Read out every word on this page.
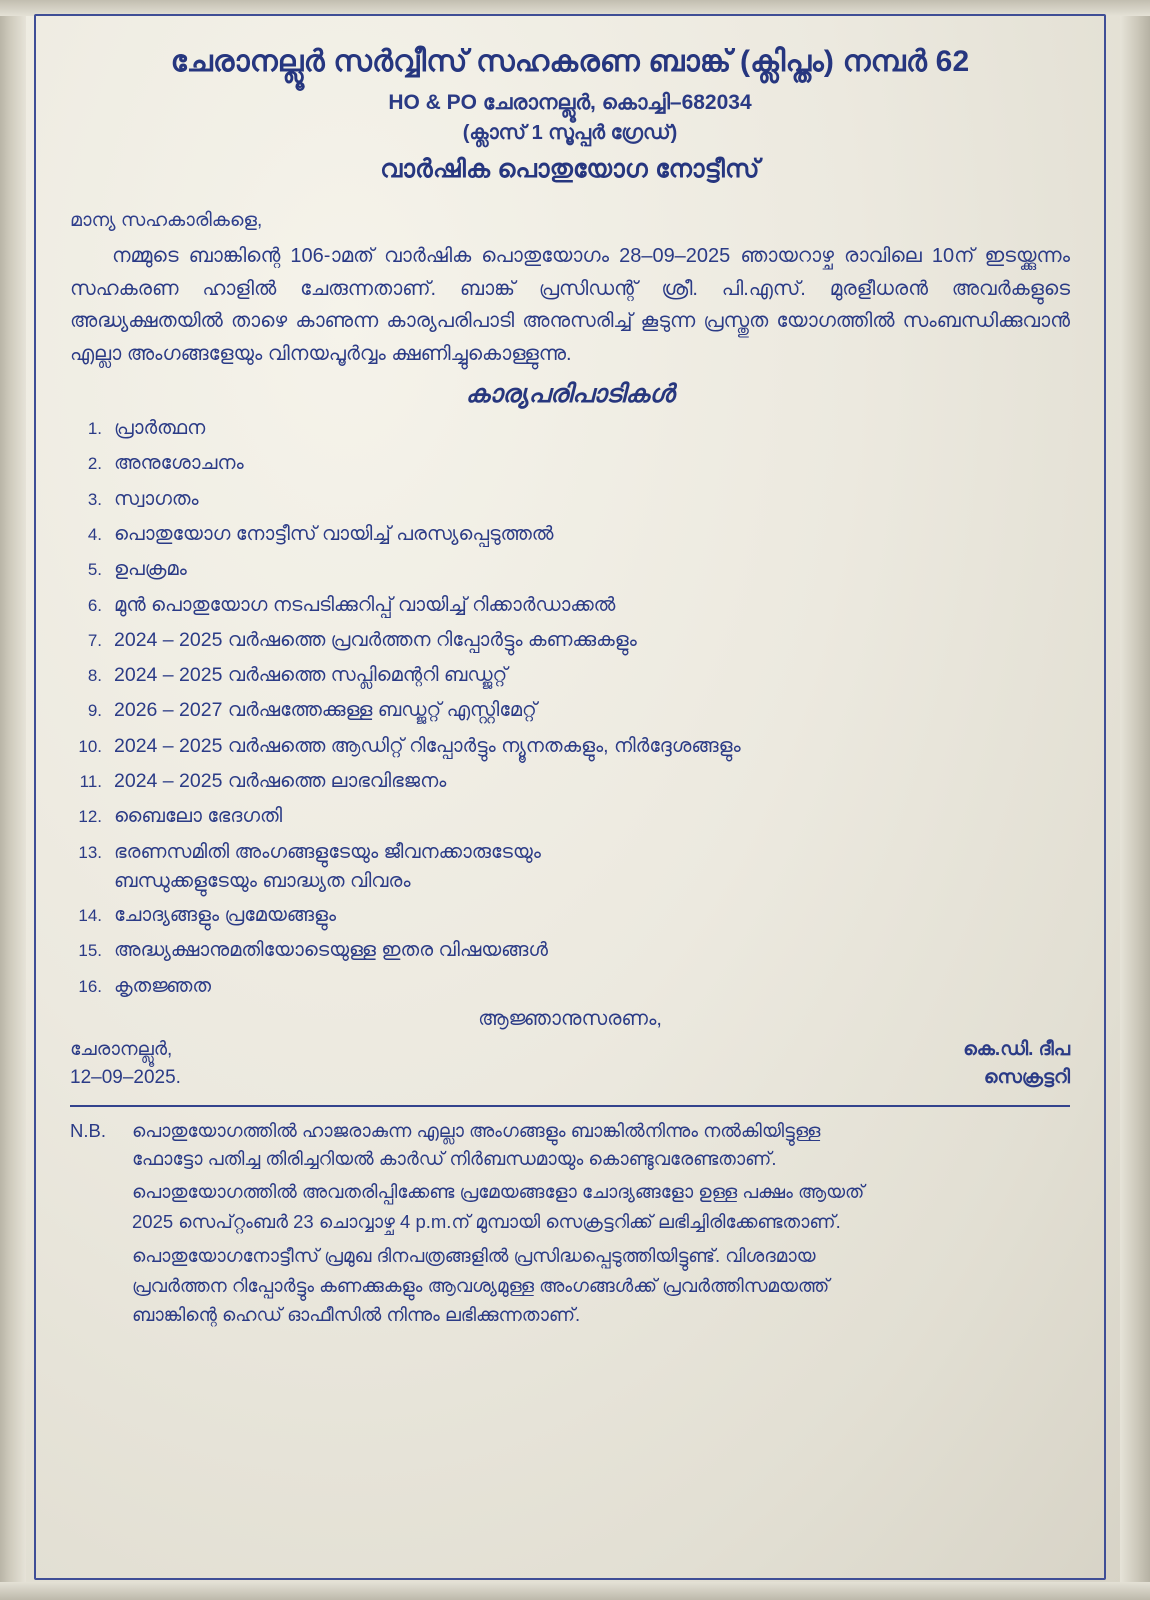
ചേരാനല്ലൂര്‍ സര്‍വ്വീസ് സഹകരണ ബാങ്ക് (ക്ലിപ്തം) നമ്പര്‍ 62
HO & PO ചേരാനല്ലൂര്‍, കൊച്ചി–682034
(ക്ലാസ് 1 സൂപ്പര്‍ ഗ്രേഡ്)
വാര്‍ഷിക പൊതുയോഗ നോട്ടീസ്
മാന്യ സഹകാരികളെ,
നമ്മുടെ ബാങ്കിന്റെ 106-ാമത് വാര്‍ഷിക പൊതുയോഗം 28–09–2025 ഞായറാഴ്ച രാവിലെ 10ന് ഇടയ്ക്കുന്നം സഹകരണ ഹാളില്‍ ചേരുന്നതാണ്. ബാങ്ക് പ്രസിഡന്റ് ശ്രീ. പി.എസ്. മുരളീധരന്‍ അവര്‍കളുടെ അദ്ധ്യക്ഷതയില്‍ താഴെ കാണുന്ന കാര്യപരിപാടി അനുസരിച്ച് കൂടുന്ന പ്രസ്തുത യോഗത്തില്‍ സംബന്ധിക്കുവാന്‍ എല്ലാ അംഗങ്ങളേയും വിനയപൂര്‍വ്വം ക്ഷണിച്ചുകൊള്ളുന്നു.
കാര്യപരിപാടികള്‍
1. പ്രാര്‍ത്ഥന
2. അനുശോചനം
3. സ്വാഗതം
4. പൊതുയോഗ നോട്ടീസ് വായിച്ച് പരസ്യപ്പെടുത്തല്‍
5. ഉപക്രമം
6. മുന്‍ പൊതുയോഗ നടപടിക്കുറിപ്പ് വായിച്ച് റിക്കാര്‍ഡാക്കല്‍
7. 2024 – 2025 വര്‍ഷത്തെ പ്രവര്‍ത്തന റിപ്പോര്‍ട്ടും കണക്കുകളും
8. 2024 – 2025 വര്‍ഷത്തെ സപ്ലിമെന്ററി ബഡ്ജറ്റ്
9. 2026 – 2027 വര്‍ഷത്തേക്കുള്ള ബഡ്ജറ്റ് എസ്റ്റിമേറ്റ്
10. 2024 – 2025 വര്‍ഷത്തെ ആഡിറ്റ് റിപ്പോര്‍ട്ടും ന്യൂനതകളും, നിര്‍ദ്ദേശങ്ങളും
11. 2024 – 2025 വര്‍ഷത്തെ ലാഭവിഭജനം
12. ബൈലോ ഭേദഗതി
13. ഭരണസമിതി അംഗങ്ങളുടേയും ജീവനക്കാരുടേയും
ബന്ധുക്കളുടേയും ബാദ്ധ്യത വിവരം
14. ചോദ്യങ്ങളും പ്രമേയങ്ങളും
15. അദ്ധ്യക്ഷാനുമതിയോടെയുള്ള ഇതര വിഷയങ്ങള്‍
16. കൃതജ്ഞത
ആജ്ഞാനുസരണം,
ചേരാനല്ലൂര്‍,
12–09–2025.
കെ.ഡി. ദീപ
സെക്രട്ടറി
N.B.	പൊതുയോഗത്തില്‍ ഹാജരാകുന്ന എല്ലാ അംഗങ്ങളും ബാങ്കില്‍നിന്നും നല്‍കിയിട്ടുള്ള

ഫോട്ടോ പതിച്ച തിരിച്ചറിയല്‍ കാര്‍ഡ് നിര്‍ബന്ധമായും കൊണ്ടുവരേണ്ടതാണ്.

പൊതുയോഗത്തില്‍ അവതരിപ്പിക്കേണ്ട പ്രമേയങ്ങളോ ചോദ്യങ്ങളോ ഉള്ള പക്ഷം ആയത്

2025 സെപ്റ്റംബര്‍ 23 ചൊവ്വാഴ്ച 4 p.m.ന് മുമ്പായി സെക്രട്ടറിക്ക് ലഭിച്ചിരിക്കേണ്ടതാണ്.

പൊതുയോഗനോട്ടീസ് പ്രമുഖ ദിനപത്രങ്ങളില്‍ പ്രസിദ്ധപ്പെടുത്തിയിട്ടുണ്ട്. വിശദമായ

പ്രവര്‍ത്തന റിപ്പോര്‍ട്ടും കണക്കുകളും ആവശ്യമുള്ള അംഗങ്ങള്‍ക്ക് പ്രവര്‍ത്തിസമയത്ത്

ബാങ്കിന്റെ ഹെഡ് ഓഫീസില്‍ നിന്നും ലഭിക്കുന്നതാണ്.
